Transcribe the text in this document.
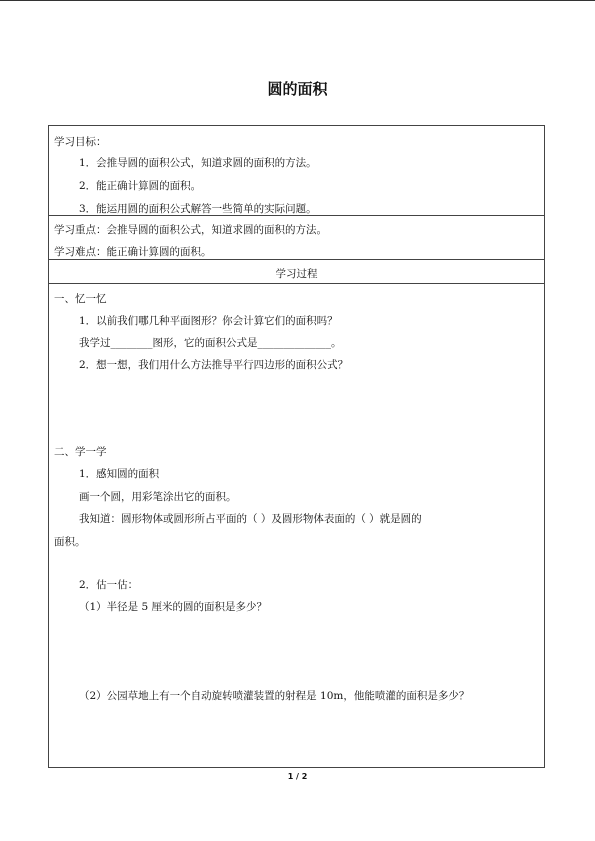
圆的面积
学习目标：
1．会推导圆的面积公式，知道求圆的面积的方法。
2．能正确计算圆的面积。
3．能运用圆的面积公式解答一些简单的实际问题。
学习重点：会推导圆的面积公式，知道求圆的面积的方法。
学习难点：能正确计算圆的面积。
学习过程
一、忆一忆
1．以前我们哪几种平面图形？你会计算它们的面积吗？
我学过________图形，它的面积公式是______________。
2．想一想，我们用什么方法推导平行四边形的面积公式？
二、学一学
1．感知圆的面积
画一个圆，用彩笔涂出它的面积。
我知道：圆形物体或圆形所占平面的（ ）及圆形物体表面的（ ）就是圆的
面积。
2．估一估：
（1）半径是 5 厘米的圆的面积是多少？
（2）公园草地上有一个自动旋转喷灌装置的射程是 10m，他能喷灌的面积是多少？
1 / 2
